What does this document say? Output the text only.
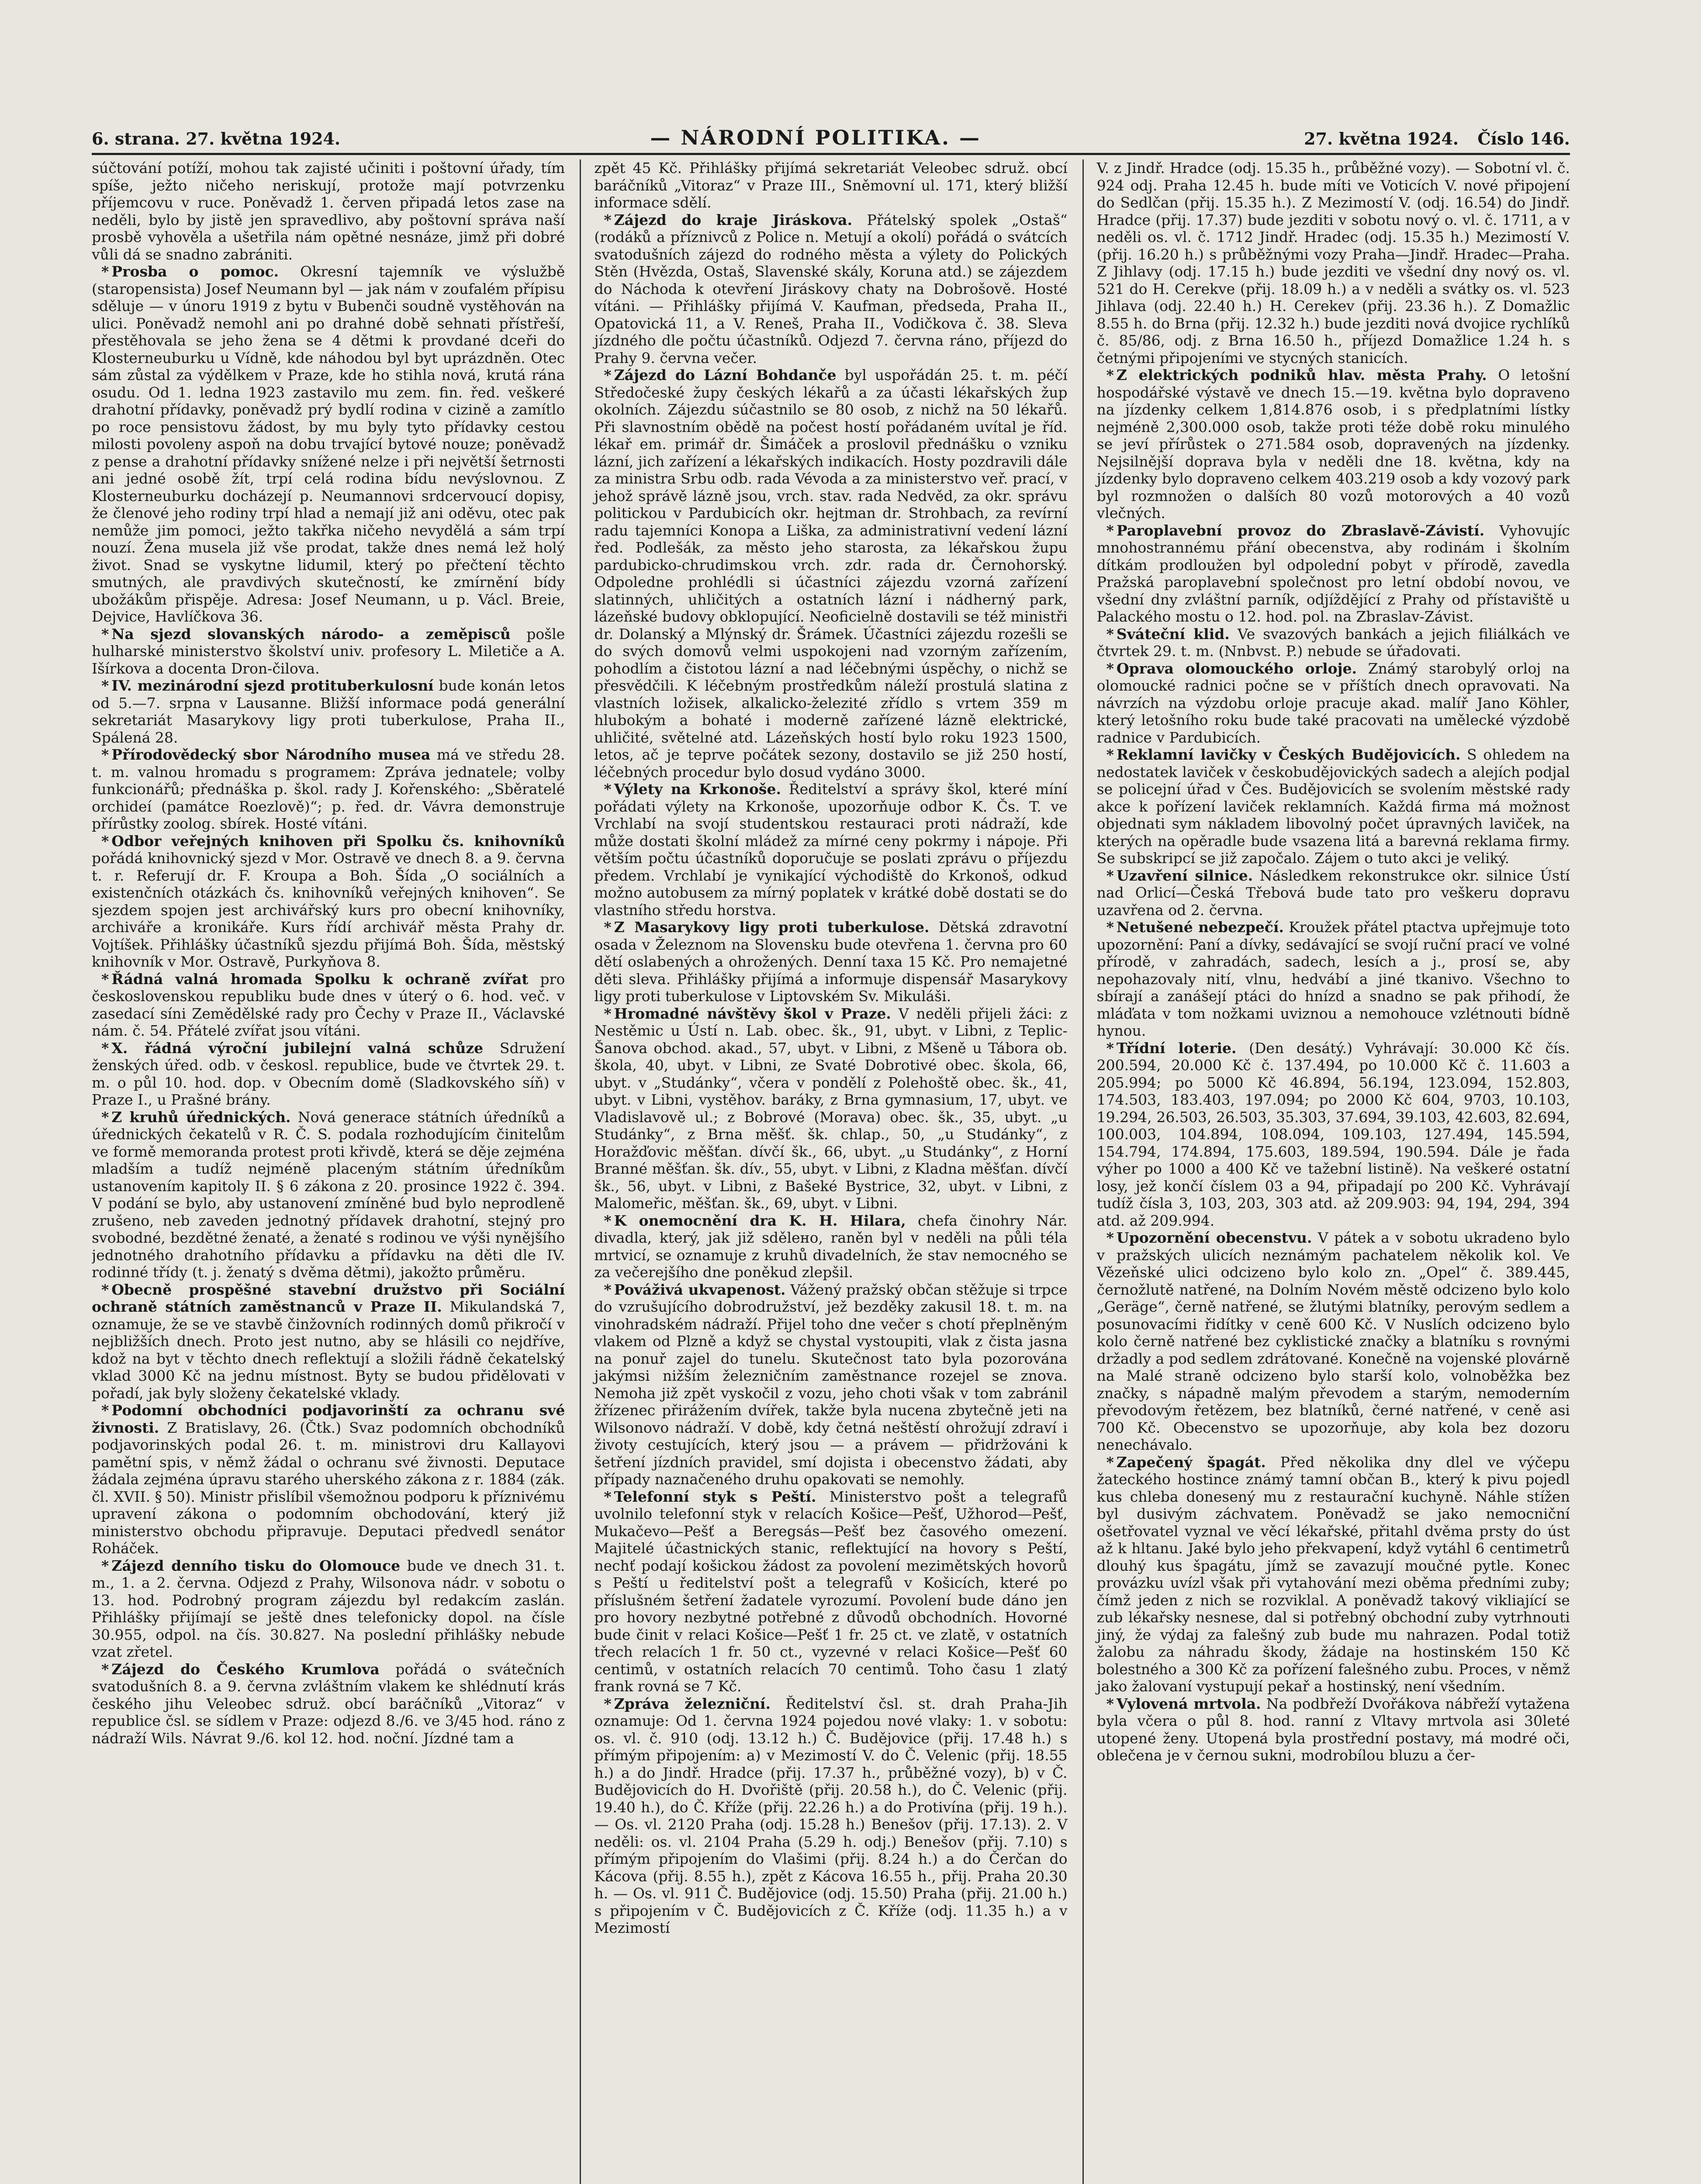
6. strana. 27. května 1924.	— NÁRODNÍ POLITIKA. —	27. května 1924. Číslo 146.

súčtování potíží, mohou tak zajisté učiniti i poštovní úřady, tím spíše, ježto ničeho neriskují, protože mají potvrzenku příjemcovu v ruce. Poněvadž 1. červen připadá letos zase na neděli, bylo by jistě jen spravedlivo, aby poštovní správa naší prosbě vyhověla a ušetřila nám opětné nesnáze, jimž při dobré vůli dá se snadno zabrániti.

* Prosba o pomoc. Okresní tajemník ve výslužbě (staropensista) Josef Neumann byl — jak nám v zoufalém přípisu sděluje — v únoru 1919 z bytu v Bubenči soudně vystěhován na ulici. Poněvadž nemohl ani po drahné době sehnati přístřeší, přestěhovala se jeho žena se 4 dětmi k provdané dceři do Klosterneuburku u Vídně, kde náhodou byl byt uprázdněn. Otec sám zůstal za výdělkem v Praze, kde ho stihla nová, krutá rána osudu. Od 1. ledna 1923 zastavilo mu zem. fin. řed. veškeré drahotní přídavky, poněvadž prý bydlí rodina v cizině a zamítlo po roce pensistovu žádost, by mu byly tyto přídavky cestou milosti povoleny aspoň na dobu trvající bytové nouze; poněvadž z pense a drahotní přídavky snížené nelze i při největší šetrnosti ani jedné osobě žít, trpí celá rodina bídu nevýslovnou. Z Klosterneuburku docházejí p. Neumannovi srdcervoucí dopisy, že členové jeho rodiny trpí hlad a nemají již ani oděvu, otec pak nemůže jim pomoci, ježto takřka ničeho nevydělá a sám trpí nouzí. Žena musela již vše prodat, takže dnes nemá lež holý život. Snad se vyskytne lidumil, který po přečtení těchto smutných, ale pravdivých skutečností, ke zmírnění bídy ubožákům přispěje. Adresa: Josef Neumann, u p. Václ. Breie, Dejvice, Havlíčkova 36.

* Na sjezd slovanských národo- a zeměpisců pošle hulharské ministerstvo školství univ. profesory L. Miletiče a A. Išírkova a docenta Dron-čilova.

* IV. mezinárodní sjezd protituberkulosní bude konán letos od 5.—7. srpna v Lausanne. Bližší informace podá generální sekretariát Masarykovy ligy proti tuberkulose, Praha II., Spálená 28.

* Přírodovědecký sbor Národního musea má ve středu 28. t. m. valnou hromadu s programem: Zpráva jednatele; volby funkcionářů; přednáška p. škol. rady J. Kořenského: „Sběratelé orchideí (památce Roezlově)“; p. řed. dr. Vávra demonstruje přírůstky zoolog. sbírek. Hosté vítáni.

* Odbor veřejných knihoven při Spolku čs. knihovníků pořádá knihovnický sjezd v Mor. Ostravě ve dnech 8. a 9. června t. r. Referují dr. F. Kroupa a Boh. Šída „O sociálních a existenčních otázkách čs. knihovníků veřejných knihoven“. Se sjezdem spojen jest archivářský kurs pro obecní knihovníky, archiváře a kronikáře. Kurs řídí archivář města Prahy dr. Vojtíšek. Přihlášky účastníků sjezdu přijímá Boh. Šída, městský knihovník v Mor. Ostravě, Purkyňova 8.

* Řádná valná hromada Spolku k ochraně zvířat pro československou republiku bude dnes v úterý o 6. hod. več. v zasedací síni Zemědělské rady pro Čechy v Praze II., Václavské nám. č. 54. Přátelé zvířat jsou vítáni.

* X. řádná výroční jubilejní valná schůze Sdružení ženských úřed. odb. v českosl. republice, bude ve čtvrtek 29. t. m. o půl 10. hod. dop. v Obecním domě (Sladkovského síň) v Praze I., u Prašné brány.

* Z kruhů úřednických. Nová generace státních úředníků a úřednických čekatelů v R. Č. S. podala rozhodujícím činitelům ve formě memoranda protest proti křivdě, která se děje zejména mladším a tudíž nejméně placeným státním úředníkům ustanovením kapitoly II. § 6 zákona z 20. prosince 1922 č. 394. V podání se bylo, aby ustanovení zmíněné bud bylo neprodleně zrušeno, neb zaveden jednotný přídavek drahotní, stejný pro svobodné, bezdětné ženaté, a ženaté s rodinou ve výši nynějšího jednotného drahotního přídavku a přídavku na děti dle IV. rodinné třídy (t. j. ženatý s dvěma dětmi), jakožto průměru.

* Obecně prospěšné stavební družstvo při Sociální ochraně státních zaměstnanců v Praze II. Mikulandská 7, oznamuje, že se ve stavbě činžovních rodinných domů přikročí v nejbližších dnech. Proto jest nutno, aby se hlásili co nejdříve, kdož na byt v těchto dnech reflektují a složili řádně čekatelský vklad 3000 Kč na jednu místnost. Byty se budou přidělovati v pořadí, jak byly složeny čekatelské vklady.

* Podomní obchodníci podjavorinští za ochranu své živnosti. Z Bratislavy, 26. (Čtk.) Svaz podomních obchodníků podjavorinských podal 26. t. m. ministrovi dru Kallayovi pamětní spis, v němž žádal o ochranu své živnosti. Deputace žádala zejména úpravu starého uherského zákona z r. 1884 (zák. čl. XVII. § 50). Ministr přislíbil všemožnou podporu k příznivému upravení zákona o podomním obchodování, který již ministerstvo obchodu připravuje. Deputaci předvedl senátor Roháček.

* Zájezd denního tisku do Olomouce bude ve dnech 31. t. m., 1. a 2. června. Odjezd z Prahy, Wilsonova nádr. v sobotu o 13. hod. Podrobný program zájezdu byl redakcím zaslán. Přihlášky přijímají se ještě dnes telefonicky dopol. na čísle 30.955, odpol. na čís. 30.827. Na poslední přihlášky nebude vzat zřetel.

* Zájezd do Českého Krumlova pořádá o svátečních svatodušních 8. a 9. června zvláštním vlakem ke shlédnutí krás českého jihu Veleobec sdruž. obcí baráčníků „Vitoraz“ v republice čsl. se sídlem v Praze: odjezd 8./6. ve 3/45 hod. ráno z nádraží Wils. Návrat 9./6. kol 12. hod. noční. Jízdné tam a

zpět 45 Kč. Přihlášky přijímá sekretariát Veleobec sdruž. obcí baráčníků „Vitoraz“ v Praze III., Sněmovní ul. 171, který bližší informace sdělí.

* Zájezd do kraje Jiráskova. Přátelský spolek „Ostaš“ (rodáků a příznivců z Police n. Metují a okolí) pořádá o svátcích svatodušních zájezd do rodného města a výlety do Polických Stěn (Hvězda, Ostaš, Slavenské skály, Koruna atd.) se zájezdem do Náchoda k otevření Jiráskovy chaty na Dobrošově. Hosté vítáni. — Přihlášky přijímá V. Kaufman, předseda, Praha II., Opatovická 11, a V. Reneš, Praha II., Vodičkova č. 38. Sleva jízdného dle počtu účastníků. Odjezd 7. června ráno, příjezd do Prahy 9. června večer.

* Zájezd do Lázní Bohdanče byl uspořádán 25. t. m. péčí Středočeské župy českých lékařů a za účasti lékařských žup okolních. Zájezdu súčastnilo se 80 osob, z nichž na 50 lékařů. Při slavnostním obědě na počest hostí pořádaném uvítal je říd. lékař em. primář dr. Šimáček a proslovil přednášku o vzniku lázní, jich zařízení a lékařských indikacích. Hosty pozdravili dále za ministra Srbu odb. rada Vévoda a za ministerstvo veř. prací, v jehož správě lázně jsou, vrch. stav. rada Nedvěd, za okr. správu politickou v Pardubicích okr. hejtman dr. Strohbach, za revírní radu tajemníci Konopa a Liška, za administrativní vedení lázní řed. Podlešák, za město jeho starosta, za lékařskou župu pardubicko-chrudimskou vrch. zdr. rada dr. Černohorský. Odpoledne prohlédli si účastníci zájezdu vzorná zařízení slatinných, uhličitých a ostatních lázní i nádherný park, lázeňské budovy obklopující. Neoficielně dostavili se též ministři dr. Dolanský a Mlýnský dr. Šrámek. Účastníci zájezdu rozešli se do svých domovů velmi uspokojeni nad vzorným zařízením, pohodlím a čistotou lázní a nad léčebnými úspěchy, o nichž se přesvědčili. K léčebným prostředkům náleží prostulá slatina z vlastních ložisek, alkalicko-železité zřídlo s vrtem 359 m hlubokým a bohaté i moderně zařízené lázně elektrické, uhličité, světelné atd. Lázeňských hostí bylo roku 1923 1500, letos, ač je teprve počátek sezony, dostavilo se již 250 hostí, léčebných procedur bylo dosud vydáno 3000.

* Výlety na Krkonoše. Ředitelství a správy škol, které míní pořádati výlety na Krkonoše, upozorňuje odbor K. Čs. T. ve Vrchlabí na svojí studentskou restauraci proti nádraží, kde může dostati školní mládež za mírné ceny pokrmy i nápoje. Při větším počtu účastníků doporučuje se poslati zprávu o příjezdu předem. Vrchlabí je vynikající východiště do Krkonoš, odkud možno autobusem za mírný poplatek v krátké době dostati se do vlastního středu horstva.

* Z Masarykovy ligy proti tuberkulose. Dětská zdravotní osada v Železnom na Slovensku bude otevřena 1. června pro 60 dětí oslabených a ohrožených. Denní taxa 15 Kč. Pro nemajetné děti sleva. Přihlášky přijímá a informuje dispensář Masarykovy ligy proti tuberkulose v Liptovském Sv. Mikuláši.

* Hromadné návštěvy škol v Praze. V neděli přijeli žáci: z Nestěmic u Ústí n. Lab. obec. šk., 91, ubyt. v Libni, z Teplic-Šanova obchod. akad., 57, ubyt. v Libni, z Mšeně u Tábora ob. škola, 40, ubyt. v Libni, ze Svaté Dobrotivé obec. škola, 66, ubyt. v „Studánky“, včera v pondělí z Polehoště obec. šk., 41, ubyt. v Libni, vystěhov. baráky, z Brna gymnasium, 17, ubyt. ve Vladislavově ul.; z Bobrové (Morava) obec. šk., 35, ubyt. „u Studánky“, z Brna měšť. šk. chlap., 50, „u Studánky“, z Horažďovic měšťan. dívčí šk., 66, ubyt. „u Studánky“, z Horní Branné měšťan. šk. dív., 55, ubyt. v Libni, z Kladna měšťan. dívčí šk., 56, ubyt. v Libni, z Bašeké Bystrice, 32, ubyt. v Libni, z Malomeřic, měšťan. šk., 69, ubyt. v Libni.

* K onemocnění dra K. H. Hilara, chefa činohry Nár. divadla, který, jak již sdělено, raněn byl v neděli na půli téla mrtvicí, se oznamuje z kruhů divadelních, že stav nemocného se za večerejšího dne poněkud zlepšil.

* Pováživá ukvapenost. Vážený pražský občan stěžuje si trpce do vzrušujícího dobrodružství, jež bezděky zakusil 18. t. m. na vinohradském nádraží. Přijel toho dne večer s chotí přeplněným vlakem od Plzně a když se chystal vystoupiti, vlak z čista jasna na ponuř zajel do tunelu. Skutečnost tato byla pozorována jakýmsi nižším železničním zaměstnance rozejel se znova. Nemoha již zpět vyskočil z vozu, jeho choti však v tom zabránil žřízenec přirážením dvířek, takže byla nucena zbytečně jeti na Wilsonovo nádraží. V době, kdy četná neštěstí ohrožují zdraví i životy cestujících, který jsou — a právem — přidržováni k šetření jízdních pravidel, smí dojista i obecenstvo žádati, aby případy naznačeného druhu opakovati se nemohly.

* Telefonní styk s Peští. Ministerstvo pošt a telegrafů uvolnilo telefonní styk v relacích Košice—Pešť, Užhorod—Pešť, Mukačevo—Pešť a Beregsás—Pešť bez časového omezení. Majitelé účastnických stanic, reflektující na hovory s Peští, nechť podají košickou žádost za povolení mezimětských hovorů s Peští u ředitelství pošt a telegrafů v Košicích, které po příslušném šetření žadatele vyrozumí. Povolení bude dáno jen pro hovory nezbytné potřebné z důvodů obchodních. Hovorné bude činit v relaci Košice—Pešť 1 fr. 25 ct. ve zlatě, v ostatních třech relacích 1 fr. 50 ct., vyzevné v relaci Košice—Pešť 60 centimů, v ostatních relacích 70 centimů. Toho času 1 zlatý frank rovná se 7 Kč.

* Zpráva železniční. Ředitelství čsl. st. drah Praha-Jih oznamuje: Od 1. června 1924 pojedou nové vlaky: 1. v sobotu: os. vl. č. 910 (odj. 13.12 h.) Č. Budějovice (přij. 17.48 h.) s přímým připojením: a) v Mezimostí V. do Č. Velenic (přij. 18.55 h.) a do Jindř. Hradce (přij. 17.37 h., průběžné vozy), b) v Č. Budějovicích do H. Dvořiště (přij. 20.58 h.), do Č. Velenic (přij. 19.40 h.), do Č. Kříže (přij. 22.26 h.) a do Protivína (přij. 19 h.). — Os. vl. 2120 Praha (odj. 15.28 h.) Benešov (přij. 17.13). 2. V neděli: os. vl. 2104 Praha (5.29 h. odj.) Benešov (přij. 7.10) s přímým připojením do Vlašimi (přij. 8.24 h.) a do Čerčan do Kácova (přij. 8.55 h.), zpět z Kácova 16.55 h., přij. Praha 20.30 h. — Os. vl. 911 Č. Budějovice (odj. 15.50) Praha (přij. 21.00 h.) s připojením v Č. Budějovicích z Č. Kříže (odj. 11.35 h.) a v Mezimostí

V. z Jindř. Hradce (odj. 15.35 h., průběžné vozy). — Sobotní vl. č. 924 odj. Praha 12.45 h. bude míti ve Voticích V. nové připojení do Sedlčan (přij. 15.35 h.). Z Mezimostí V. (odj. 16.54) do Jindř. Hradce (přij. 17.37) bude jezditi v sobotu nový o. vl. č. 1711, a v neděli os. vl. č. 1712 Jindř. Hradec (odj. 15.35 h.) Mezimostí V. (přij. 16.20 h.) s průběžnými vozy Praha—Jindř. Hradec—Praha. Z Jihlavy (odj. 17.15 h.) bude jezditi ve všední dny nový os. vl. 521 do H. Cerekve (přij. 18.09 h.) a v neděli a svátky os. vl. 523 Jihlava (odj. 22.40 h.) H. Cerekev (přij. 23.36 h.). Z Domažlic 8.55 h. do Brna (přij. 12.32 h.) bude jezditi nová dvojice rychlíků č. 85/86, odj. z Brna 16.50 h., příjezd Domažlice 1.24 h. s četnými připojeními ve stycných stanicích.

* Z elektrických podniků hlav. města Prahy. O letošní hospodářské výstavě ve dnech 15.—19. května bylo dopraveno na jízdenky celkem 1,814.876 osob, i s předplatními lístky nejméně 2,300.000 osob, takže proti téže době roku minulého se jeví přírůstek o 271.584 osob, dopravených na jízdenky. Nejsilnější doprava byla v neděli dne 18. května, kdy na jízdenky bylo dopraveno celkem 403.219 osob a kdy vozový park byl rozmnožen o dalších 80 vozů motorových a 40 vozů vlečných.

* Paroplavební provoz do Zbraslavě-Závistí. Vyhovujíc mnohostrannému přání obecenstva, aby rodinám i školním dítkám prodloužen byl odpolední pobyt v přírodě, zavedla Pražská paroplavební společnost pro letní období novou, ve všední dny zvláštní parník, odjíždějící z Prahy od přístaviště u Palackého mostu o 12. hod. pol. na Zbraslav-Závist.

* Sváteční klid. Ve svazových bankách a jejich filiálkách ve čtvrtek 29. t. m. (Nnbvst. P.) nebude se úřadovati.

* Oprava olomouckého orloje. Známý starobylý orloj na olomoucké radnici počne se v příštích dnech opravovati. Na návrzích na výzdobu orloje pracuje akad. malíř Jano Köhler, který letošního roku bude také pracovati na umělecké výzdobě radnice v Pardubicích.

* Reklamní lavičky v Českých Budějovicích. S ohledem na nedostatek laviček v českobudějovických sadech a alejích podjal se policejní úřad v Čes. Budějovicích se svolením městské rady akce k pořízení laviček reklamních. Každá firma má možnost objednati sym nákladem libovolný počet úpravných laviček, na kterých na opěradle bude vsazena litá a barevná reklama firmy. Se subskripcí se již započalo. Zájem o tuto akci je veliký.

* Uzavření silnice. Následkem rekonstrukce okr. silnice Ústí nad Orlicí—Česká Třebová bude tato pro veškeru dopravu uzavřena od 2. června.

* Netušené nebezpečí. Kroužek přátel ptactva upřejmuje toto upozornění: Paní a dívky, sedávající se svojí ruční prací ve volné přírodě, v zahradách, sadech, lesích a j., prosí se, aby nepohazovaly nití, vlnu, hedvábí a jiné tkanivo. Všechno to sbírají a zanášejí ptáci do hnízd a snadno se pak přihodí, že mláďata v tom nožkami uviznou a nemohouce vzlétnouti bídně hynou.

* Třídní loterie. (Den desátý.) Vyhrávají: 30.000 Kč čís. 200.594, 20.000 Kč č. 137.494, po 10.000 Kč č. 11.603 a 205.994; po 5000 Kč 46.894, 56.194, 123.094, 152.803, 174.503, 183.403, 197.094; po 2000 Kč 604, 9703, 10.103, 19.294, 26.503, 26.503, 35.303, 37.694, 39.103, 42.603, 82.694, 100.003, 104.894, 108.094, 109.103, 127.494, 145.594, 154.794, 174.894, 175.603, 189.594, 190.594. Dále je řada výher po 1000 a 400 Kč ve tažební listině). Na veškeré ostatní losy, jež končí číslem 03 a 94, připadají po 200 Kč. Vyhrávají tudíž čísla 3, 103, 203, 303 atd. až 209.903: 94, 194, 294, 394 atd. až 209.994.

* Upozornění obecenstvu. V pátek a v sobotu ukradeno bylo v pražských ulicích neznámým pachatelem několik kol. Ve Vězeňské ulici odcizeno bylo kolo zn. „Opel“ č. 389.445, černožlutě natřené, na Dolním Novém městě odcizeno bylo kolo „Geräge“, černě natřené, se žlutými blatníky, perovým sedlem a posunovacími řidítky v ceně 600 Kč. V Nuslích odcizeno bylo kolo černě natřené bez cyklistické značky a blatníku s rovnými držadly a pod sedlem zdrátované. Konečně na vojenské plovárně na Malé straně odcizeno bylo starší kolo, volnoběžka bez značky, s nápadně malým převodem a starým, nemoderním převodovým řetězem, bez blatníků, černé natřené, v ceně asi 700 Kč. Obecenstvo se upozorňuje, aby kola bez dozoru nenechávalo.

* Zapečený špagát. Před několika dny dlel ve výčepu žateckého hostince známý tamní občan B., který k pivu pojedl kus chleba donesený mu z restaurační kuchyně. Náhle stížen byl dusivým záchvatem. Poněvadž se jako nemocniční ošetřovatel vyznal ve věcí lékařské, přitahl dvěma prsty do úst až k hltanu. Jaké bylo jeho překvapení, když vytáhl 6 centimetrů dlouhý kus špagátu, jímž se zavazují moučné pytle. Konec provázku uvízl však při vytahování mezi oběma předními zuby; čímž jeden z nich se rozviklal. A poněvadž takový vikliající se zub lékařsky nesnese, dal si potřebný obchodní zuby vytrhnouti jiný, že výdaj za falešný zub bude mu nahrazen. Podal totiž žalobu za náhradu škody, žádaje na hostinském 150 Kč bolestného a 300 Kč za pořízení falešného zubu. Proces, v němž jako žalovaní vystupují pekař a hostinský, není všedním.

* Vylovená mrtvola. Na podbřeží Dvořákova nábřeží vytažena byla včera o půl 8. hod. ranní z Vltavy mrtvola asi 30leté utopené ženy. Utopená byla prostřední postavy, má modré oči, oblečena je v černou sukni, modrobílou bluzu a čer-
